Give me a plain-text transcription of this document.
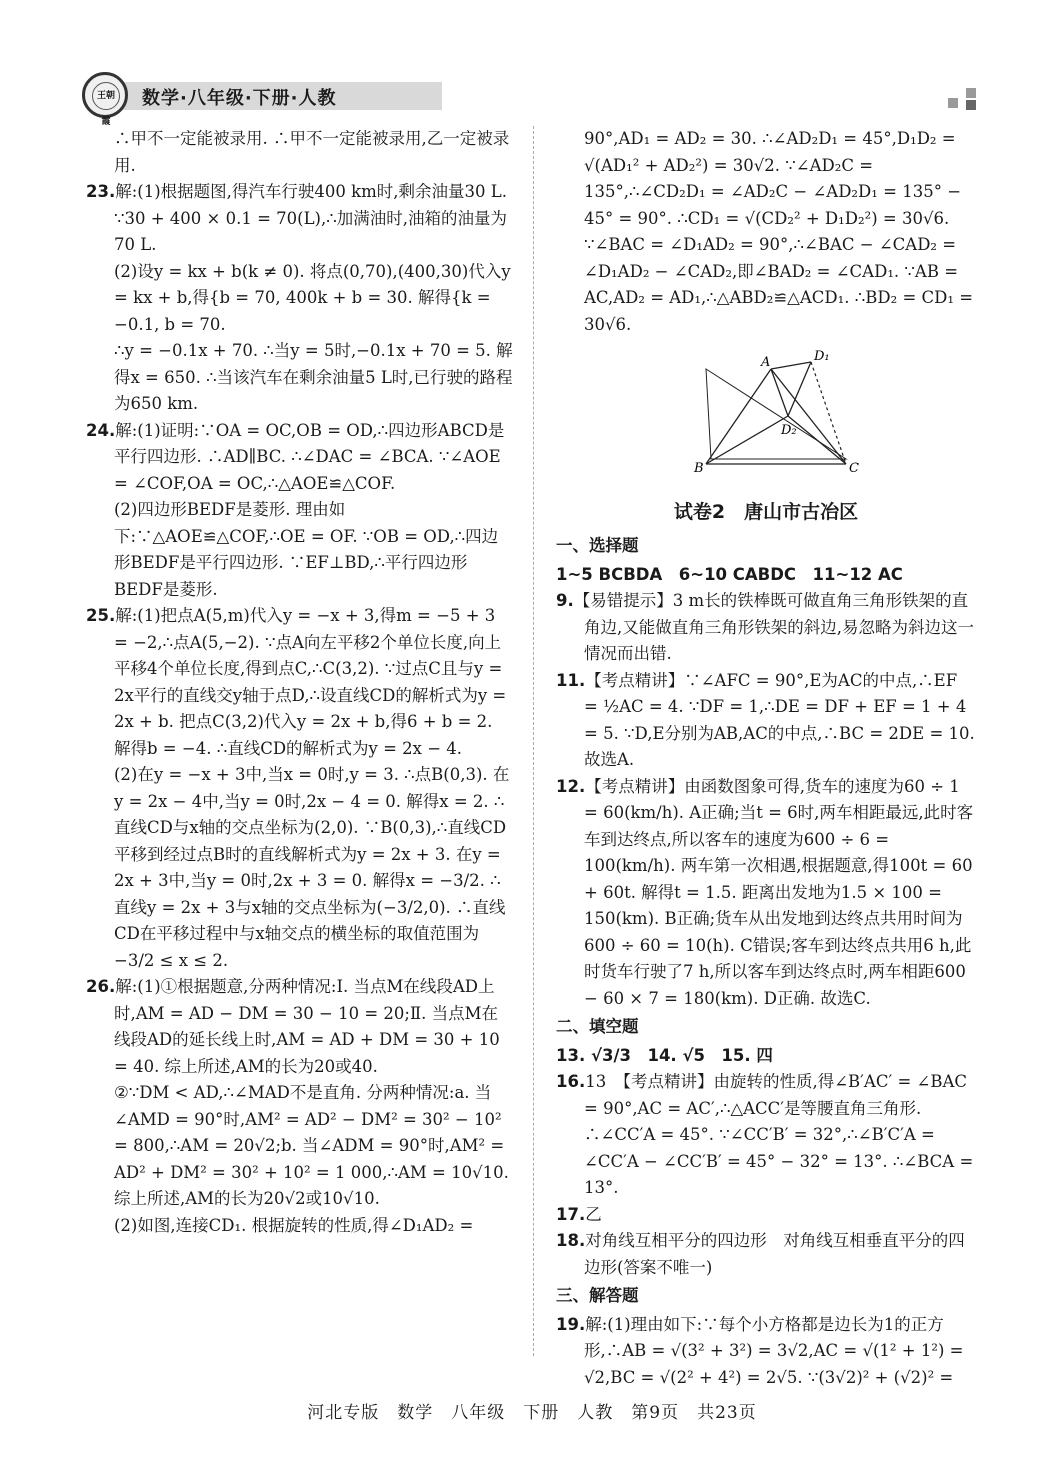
王朝霞
数学·八年级·下册·人教

∴甲不一定能被录用. ∴甲不一定能被录用,乙一定被录用.

23.解:(1)根据题图,得汽车行驶400 km时,剩余油量30 L. ∵30 + 400 × 0.1 = 70(L),∴加满油时,油箱的油量为70 L.

(2)设y = kx + b(k ≠ 0). 将点(0,70),(400,30)代入y = kx + b,得{b = 70, 400k + b = 30. 解得{k = −0.1, b = 70.

∴y = −0.1x + 70. ∴当y = 5时,−0.1x + 70 = 5. 解得x = 650. ∴当该汽车在剩余油量5 L时,已行驶的路程为650 km.

24.解:(1)证明:∵OA = OC,OB = OD,∴四边形ABCD是平行四边形. ∴AD∥BC. ∴∠DAC = ∠BCA. ∵∠AOE = ∠COF,OA = OC,∴△AOE≌△COF.

(2)四边形BEDF是菱形. 理由如下:∵△AOE≌△COF,∴OE = OF. ∵OB = OD,∴四边形BEDF是平行四边形. ∵EF⊥BD,∴平行四边形BEDF是菱形.

25.解:(1)把点A(5,m)代入y = −x + 3,得m = −5 + 3 = −2,∴点A(5,−2). ∵点A向左平移2个单位长度,向上平移4个单位长度,得到点C,∴C(3,2). ∵过点C且与y = 2x平行的直线交y轴于点D,∴设直线CD的解析式为y = 2x + b. 把点C(3,2)代入y = 2x + b,得6 + b = 2. 解得b = −4. ∴直线CD的解析式为y = 2x − 4.

(2)在y = −x + 3中,当x = 0时,y = 3. ∴点B(0,3). 在y = 2x − 4中,当y = 0时,2x − 4 = 0. 解得x = 2. ∴直线CD与x轴的交点坐标为(2,0). ∵B(0,3),∴直线CD平移到经过点B时的直线解析式为y = 2x + 3. 在y = 2x + 3中,当y = 0时,2x + 3 = 0. 解得x = −3/2. ∴直线y = 2x + 3与x轴的交点坐标为(−3/2,0). ∴直线CD在平移过程中与x轴交点的横坐标的取值范围为−3/2 ≤ x ≤ 2.

26.解:(1)①根据题意,分两种情况:Ⅰ. 当点M在线段AD上时,AM = AD − DM = 30 − 10 = 20;Ⅱ. 当点M在线段AD的延长线上时,AM = AD + DM = 30 + 10 = 40. 综上所述,AM的长为20或40.

②∵DM < AD,∴∠MAD不是直角. 分两种情况:a. 当∠AMD = 90°时,AM² = AD² − DM² = 30² − 10² = 800,∴AM = 20√2;b. 当∠ADM = 90°时,AM² = AD² + DM² = 30² + 10² = 1 000,∴AM = 10√10. 综上所述,AM的长为20√2或10√10.

(2)如图,连接CD₁. 根据旋转的性质,得∠D₁AD₂ =

90°,AD₁ = AD₂ = 30. ∴∠AD₂D₁ = 45°,D₁D₂ = √(AD₁² + AD₂²) = 30√2. ∵∠AD₂C = 135°,∴∠CD₂D₁ = ∠AD₂C − ∠AD₂D₁ = 135° − 45° = 90°. ∴CD₁ = √(CD₂² + D₁D₂²) = 30√6. ∵∠BAC = ∠D₁AD₂ = 90°,∴∠BAC − ∠CAD₂ = ∠D₁AD₂ − ∠CAD₂,即∠BAD₂ = ∠CAD₁. ∵AB = AC,AD₂ = AD₁,∴△ABD₂≌△ACD₁. ∴BD₂ = CD₁ = 30√6.

A	D₁
D₂
B	C
试卷2　唐山市古冶区
一、选择题

1~5 BCBDA　6~10 CABDC　11~12 AC

9.【易错提示】3 m长的铁棒既可做直角三角形铁架的直角边,又能做直角三角形铁架的斜边,易忽略为斜边这一情况而出错.

11.【考点精讲】∵∠AFC = 90°,E为AC的中点,∴EF = ½AC = 4. ∵DF = 1,∴DE = DF + EF = 1 + 4 = 5. ∵D,E分别为AB,AC的中点,∴BC = 2DE = 10. 故选A.

12.【考点精讲】由函数图象可得,货车的速度为60 ÷ 1 = 60(km/h). A正确;当t = 6时,两车相距最远,此时客车到达终点,所以客车的速度为600 ÷ 6 = 100(km/h). 两车第一次相遇,根据题意,得100t = 60 + 60t. 解得t = 1.5. 距离出发地为1.5 × 100 = 150(km). B正确;货车从出发地到达终点共用时间为600 ÷ 60 = 10(h). C错误;客车到达终点共用6 h,此时货车行驶了7 h,所以客车到达终点时,两车相距600 − 60 × 7 = 180(km). D正确. 故选C.

二、填空题

13. √3/3　14. √5　15. 四

16.13　【考点精讲】由旋转的性质,得∠B′AC′ = ∠BAC = 90°,AC = AC′,∴△ACC′是等腰直角三角形. ∴∠CC′A = 45°. ∵∠CC′B′ = 32°,∴∠B′C′A = ∠CC′A − ∠CC′B′ = 45° − 32° = 13°. ∴∠BCA = 13°.

17.乙

18.对角线互相平分的四边形　对角线互相垂直平分的四边形(答案不唯一)

三、解答题

19.解:(1)理由如下:∵每个小方格都是边长为1的正方形,∴AB = √(3² + 3²) = 3√2,AC = √(1² + 1²) = √2,BC = √(2² + 4²) = 2√5. ∵(3√2)² + (√2)² =

河北专版　数学　八年级　下册　人教　第9页　共23页
